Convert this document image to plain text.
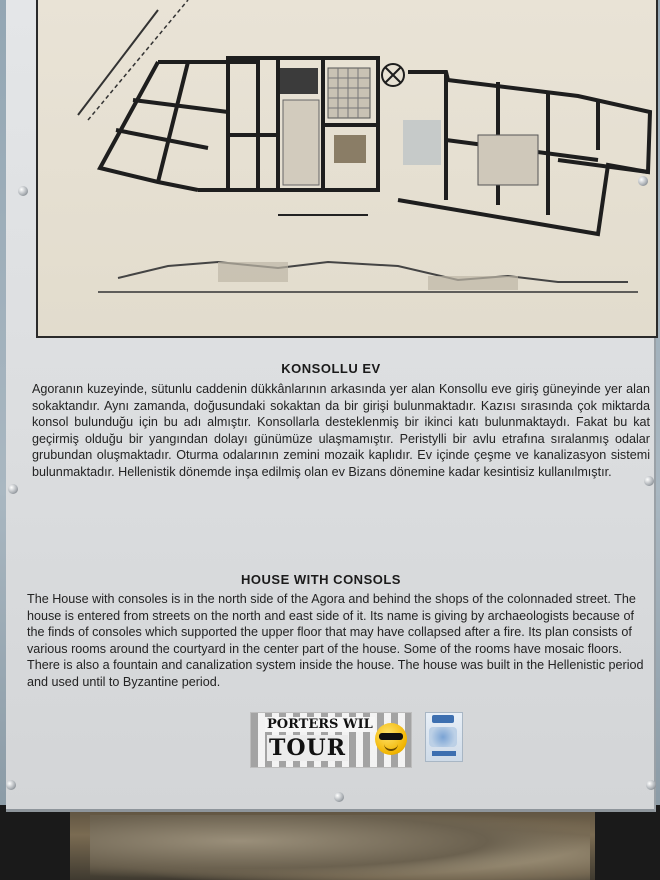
KONSOLLU EV

Agoranın kuzeyinde, sütunlu caddenin dükkânlarının arkasında yer alan Konsollu eve giriş güneyinde yer alan sokaktandır. Aynı zamanda, doğusundaki sokaktan da bir girişi bulunmaktadır. Kazısı sırasında çok miktarda konsol bulunduğu için bu adı almıştır. Konsollarla desteklenmiş bir ikinci katı bulunmaktaydı. Fakat bu kat geçirmiş olduğu bir yangından dolayı günümüze ulaşmamıştır. Peristylli bir avlu etrafına sıralanmış odalar grubundan oluşmaktadır. Oturma odalarının zemini mozaik kaplıdır. Ev içinde çeşme ve kanalizasyon sistemi bulunmaktadır. Hellenistik dönemde inşa edilmiş olan ev Bizans dönemine kadar kesintisiz kullanılmıştır.

HOUSE WITH CONSOLS

The House with consoles is in the north side of the Agora and behind the shops of the colonnaded street. The house is entered from streets on the north and east side of it. Its name is giving by archaeologists because of the finds of consoles which supported the upper floor that may have collapsed after a fire. Its plan consists of various rooms around the courtyard in the center part of the house. Some of the rooms have mosaic floors. There is also a fountain and canalization system inside the house. The house was built in the Hellenistic period and used until to Byzantine period.

PORTERS WIL
TOUR
